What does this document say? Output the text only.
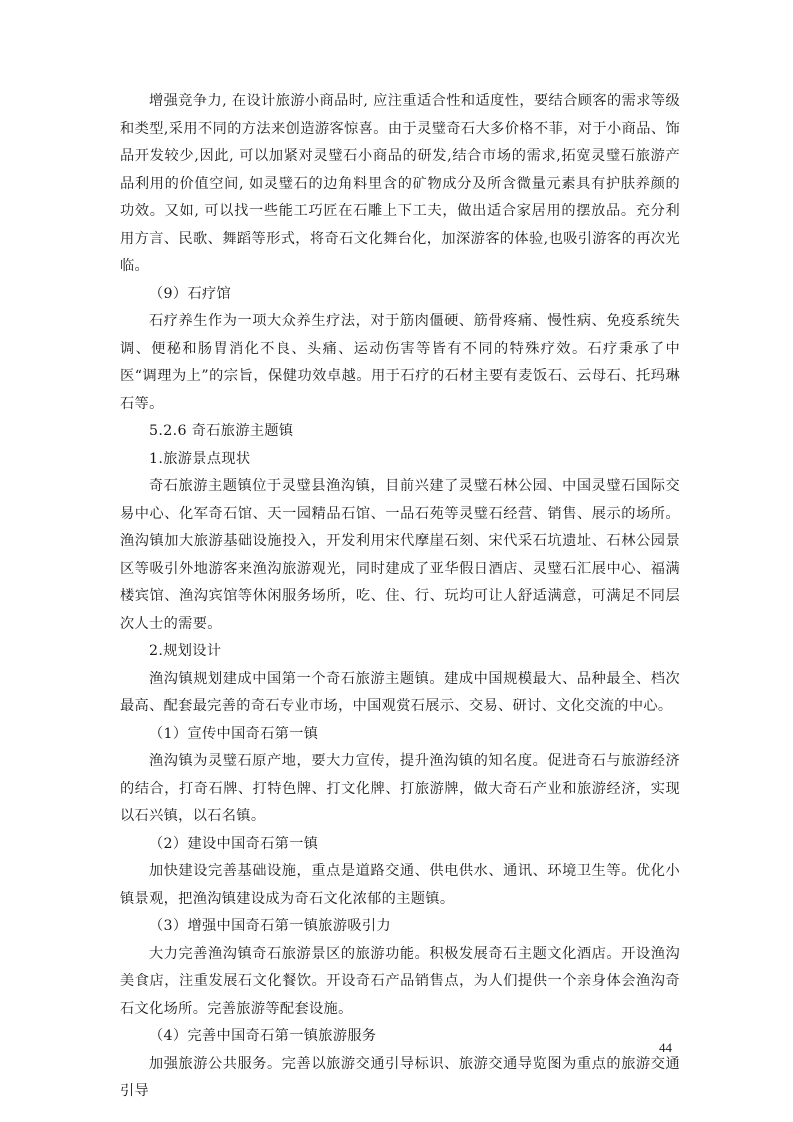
增强竞争力, 在设计旅游小商品时, 应注重适合性和适度性，要结合顾客的需求等级和类型,采用不同的方法来创造游客惊喜。由于灵璧奇石大多价格不菲，对于小商品、饰品开发较少,因此, 可以加紧对灵璧石小商品的研发,结合市场的需求,拓宽灵璧石旅游产品利用的价值空间, 如灵璧石的边角料里含的矿物成分及所含微量元素具有护肤养颜的功效。又如, 可以找一些能工巧匠在石雕上下工夫，做出适合家居用的摆放品。充分利用方言、民歌、舞蹈等形式，将奇石文化舞台化，加深游客的体验,也吸引游客的再次光临。

（9）石疗馆

石疗养生作为一项大众养生疗法，对于筋肉僵硬、筋骨疼痛、慢性病、免疫系统失调、便秘和肠胃消化不良、头痛、运动伤害等皆有不同的特殊疗效。石疗秉承了中医“调理为上”的宗旨，保健功效卓越。用于石疗的石材主要有麦饭石、云母石、托玛琳石等。

5.2.6 奇石旅游主题镇

1.旅游景点现状

奇石旅游主题镇位于灵璧县渔沟镇，目前兴建了灵璧石林公园、中国灵璧石国际交易中心、化军奇石馆、天一园精品石馆、一品石苑等灵璧石经营、销售、展示的场所。渔沟镇加大旅游基础设施投入，开发利用宋代摩崖石刻、宋代采石坑遗址、石林公园景区等吸引外地游客来渔沟旅游观光，同时建成了亚华假日酒店、灵璧石汇展中心、福满楼宾馆、渔沟宾馆等休闲服务场所，吃、住、行、玩均可让人舒适满意，可满足不同层次人士的需要。

2.规划设计

渔沟镇规划建成中国第一个奇石旅游主题镇。建成中国规模最大、品种最全、档次最高、配套最完善的奇石专业市场，中国观赏石展示、交易、研讨、文化交流的中心。

（1）宣传中国奇石第一镇

渔沟镇为灵璧石原产地，要大力宣传，提升渔沟镇的知名度。促进奇石与旅游经济的结合，打奇石牌、打特色牌、打文化牌、打旅游牌，做大奇石产业和旅游经济，实现以石兴镇，以石名镇。

（2）建设中国奇石第一镇

加快建设完善基础设施，重点是道路交通、供电供水、通讯、环境卫生等。优化小镇景观，把渔沟镇建设成为奇石文化浓郁的主题镇。

（3）增强中国奇石第一镇旅游吸引力

大力完善渔沟镇奇石旅游景区的旅游功能。积极发展奇石主题文化酒店。开设渔沟美食店，注重发展石文化餐饮。开设奇石产品销售点，为人们提供一个亲身体会渔沟奇石文化场所。完善旅游等配套设施。

（4）完善中国奇石第一镇旅游服务

加强旅游公共服务。完善以旅游交通引导标识、旅游交通导览图为重点的旅游交通引导

44
